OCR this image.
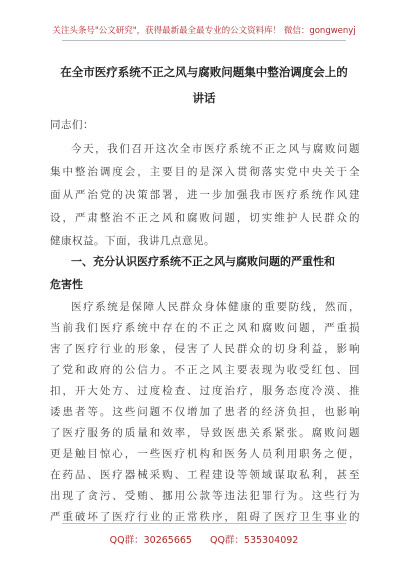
关注头条号"公文研究"，获得最新最全最专业的公文资料库！ 微信：gongwenyj
在全市医疗系统不正之风与腐败问题集中整治调度会上的
讲话
同志们：
今天，我们召开这次全市医疗系统不正之风与腐败问题
集中整治调度会，主要目的是深入贯彻落实党中央关于全
面从严治党的决策部署，进一步加强我市医疗系统作风建
设，严肃整治不正之风和腐败问题，切实维护人民群众的
健康权益。下面，我讲几点意见。
一、充分认识医疗系统不正之风与腐败问题的严重性和
危害性
医疗系统是保障人民群众身体健康的重要防线，然而，
当前我们医疗系统中存在的不正之风和腐败问题，严重损
害了医疗行业的形象，侵害了人民群众的切身利益，影响
了党和政府的公信力。不正之风主要表现为收受红包、回
扣，开大处方、过度检查、过度治疗，服务态度冷漠、推
诿患者等。这些问题不仅增加了患者的经济负担，也影响
了医疗服务的质量和效率，导致医患关系紧张。腐败问题
更是触目惊心，一些医疗机构和医务人员利用职务之便，
在药品、医疗器械采购、工程建设等领域谋取私利，甚至
出现了贪污、受贿、挪用公款等违法犯罪行为。这些行为
QQ群：30265665 QQ群：535304092
严重破坏了医疗行业的正常秩序，阻碍了医疗卫生事业的
